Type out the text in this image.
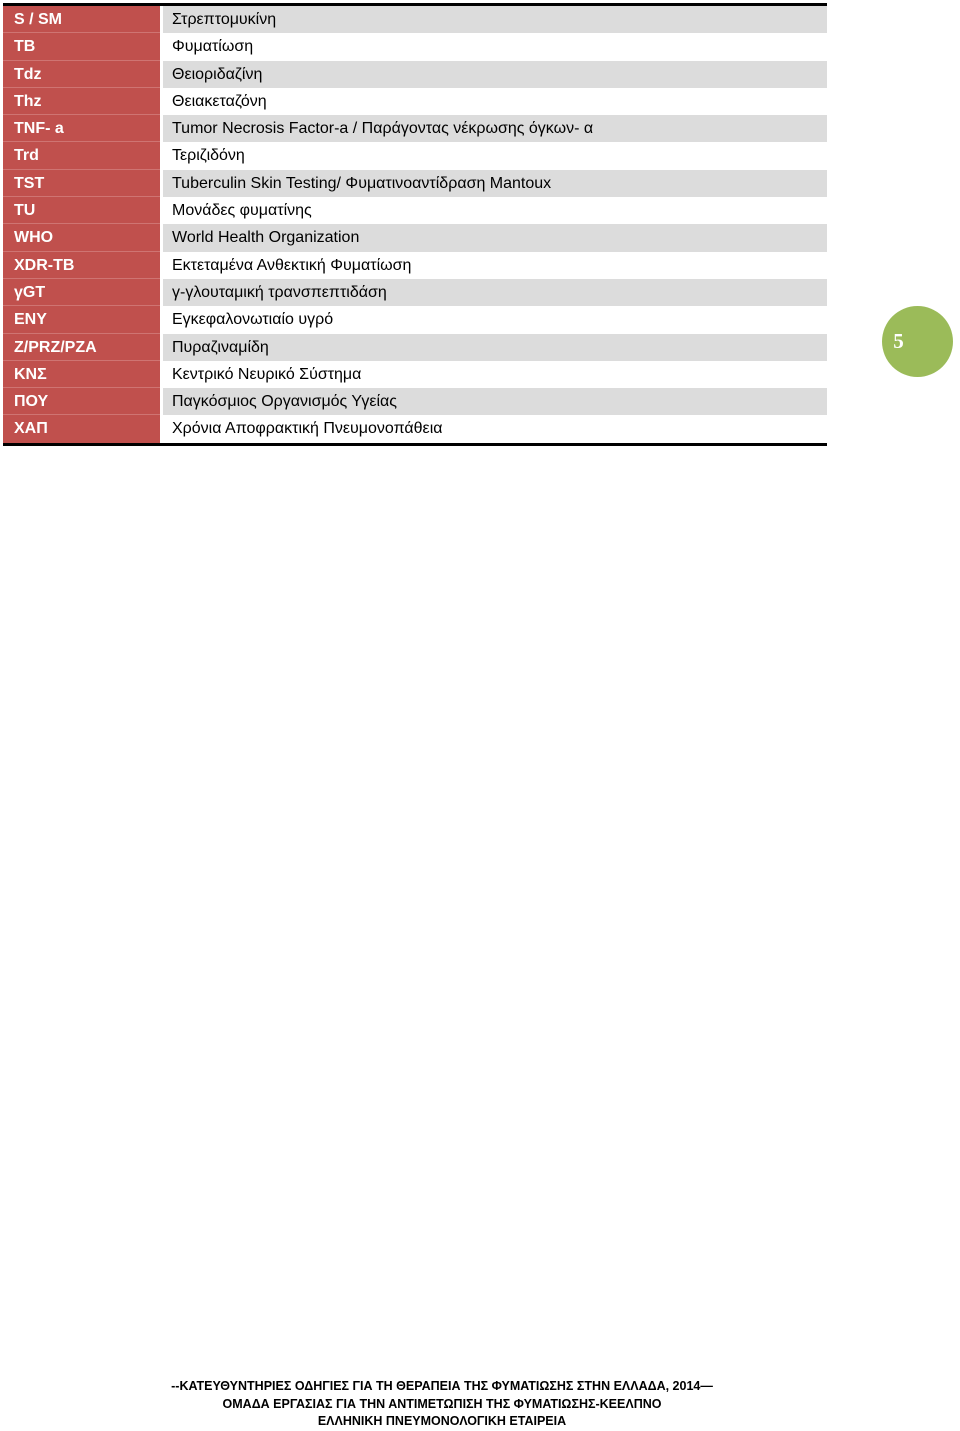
S / SM	Στρεπτομυκίνη
TB	Φυματίωση
Tdz	Θειοριδαζίνη
Thz	Θειακεταζόνη
TNF- a	Tumor Necrosis Factor-a / Παράγοντας νέκρωσης όγκων- α
Trd	Τεριζιδόνη
TST	Tuberculin Skin Testing/ Φυματινοαντίδραση Mantoux
TU	Μονάδες φυματίνης
WHO	World Health Organization
XDR-TB	Εκτεταμένα Ανθεκτική Φυματίωση
γGT	γ-γλουταμική τρανσπεπτιδάση
ΕΝΥ	Εγκεφαλονωτιαίο υγρό
Z/PRZ/PZA	Πυραζιναμίδη
ΚΝΣ	Κεντρικό Νευρικό Σύστημα
ΠΟΥ	Παγκόσμιος Οργανισμός Υγείας
ΧΑΠ	Χρόνια Αποφρακτική Πνευμονοπάθεια
5
--ΚΑΤΕΥΘΥΝΤΗΡΙΕΣ ΟΔΗΓΙΕΣ ΓΙΑ ΤΗ ΘΕΡΑΠΕΙΑ ΤΗΣ ΦΥΜΑΤΙΩΣΗΣ ΣΤΗΝ ΕΛΛΑΔΑ, 2014—
ΟΜΑΔΑ ΕΡΓΑΣΙΑΣ ΓΙΑ ΤΗΝ ΑΝΤΙΜΕΤΩΠΙΣΗ ΤΗΣ ΦΥΜΑΤΙΩΣΗΣ-ΚΕΕΛΠΝΟ
ΕΛΛΗΝΙΚΗ ΠΝΕΥΜΟΝΟΛΟΓΙΚΗ ΕΤΑΙΡΕΙΑ
